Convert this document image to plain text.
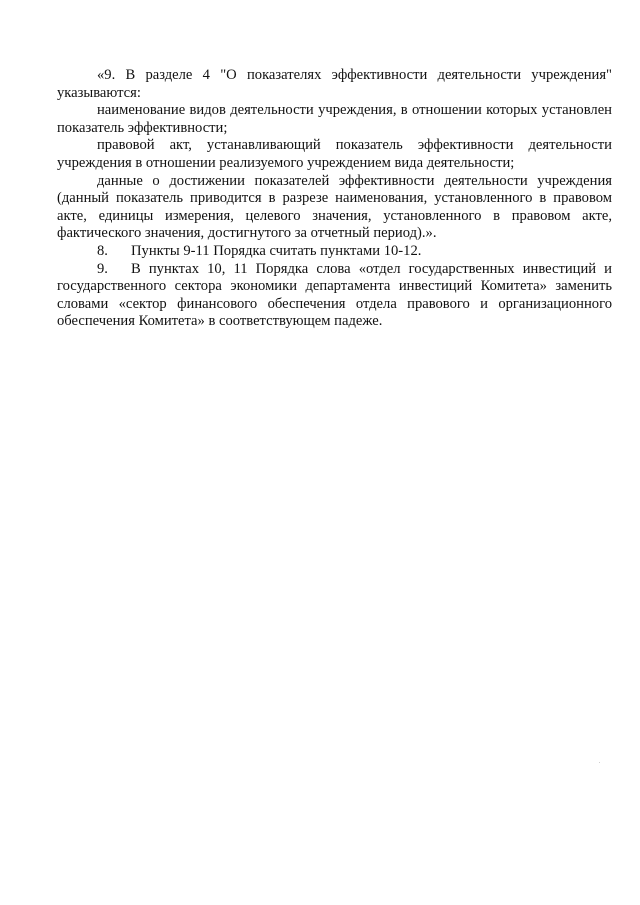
«9. В разделе 4 "О показателях эффективности деятельности учреждения" указываются:

наименование видов деятельности учреждения, в отношении которых установлен показатель эффективности;

правовой акт, устанавливающий показатель эффективности деятельности учреждения в отношении реализуемого учреждением вида деятельности;

данные о достижении показателей эффективности деятельности учреждения (данный показатель приводится в разрезе наименования, установленного в правовом акте, единицы измерения, целевого значения, установленного в правовом акте, фактического значения, достигнутого за отчетный период).».

8. Пункты 9-11 Порядка считать пунктами 10-12.

9. В пунктах 10, 11 Порядка слова «отдел государственных инвестиций и государственного сектора экономики департамента инвестиций Комитета» заменить словами «сектор финансового обеспечения отдела правового и организационного обеспечения Комитета» в соответствующем падеже.
